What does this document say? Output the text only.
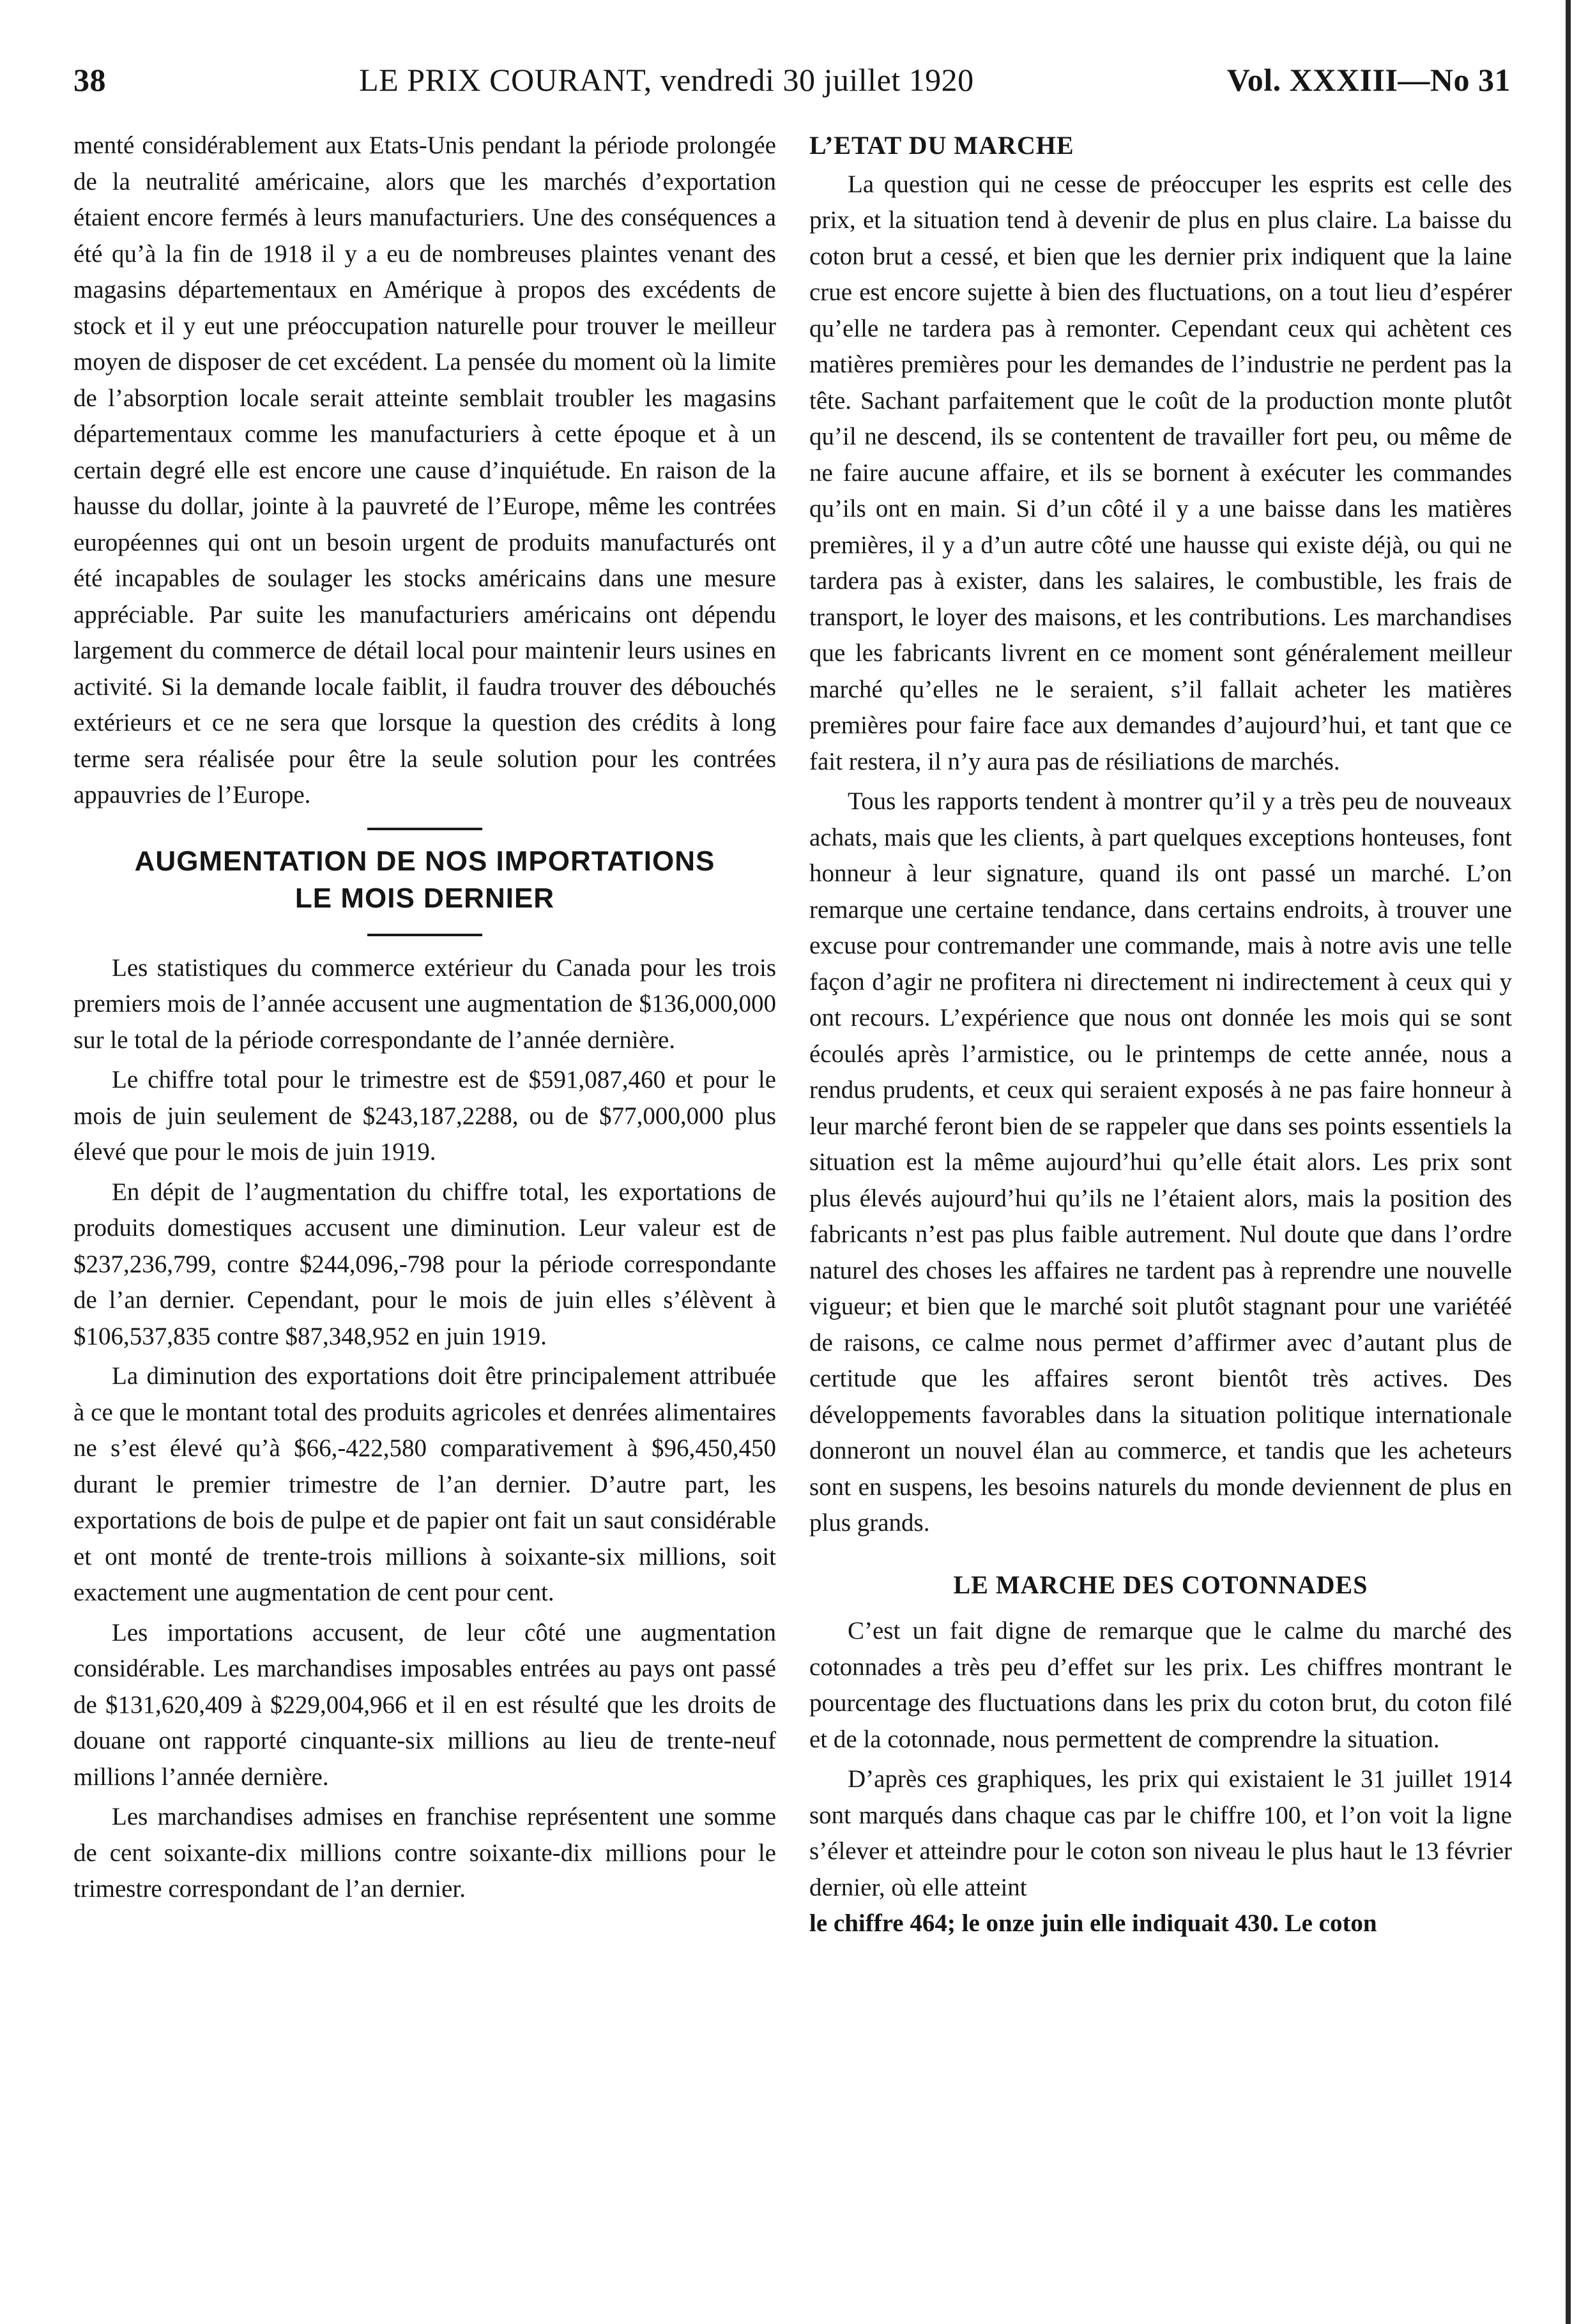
38	LE PRIX COURANT, vendredi 30 juillet 1920	Vol. XXXIII—No 31

menté considérablement aux Etats-Unis pendant la période prolongée de la neutralité américaine, alors que les marchés d’exportation étaient encore fermés à leurs manufacturiers. Une des conséquences a été qu’à la fin de 1918 il y a eu de nombreuses plaintes venant des magasins départementaux en Amérique à propos des excédents de stock et il y eut une préoccupation naturelle pour trouver le meilleur moyen de disposer de cet excédent. La pensée du moment où la limite de l’absorption locale serait atteinte semblait troubler les magasins départementaux comme les manufacturiers à cette époque et à un certain degré elle est encore une cause d’inquiétude. En raison de la hausse du dollar, jointe à la pauvreté de l’Europe, même les contrées européennes qui ont un besoin urgent de produits manufacturés ont été incapables de soulager les stocks américains dans une mesure appréciable. Par suite les manufacturiers américains ont dépendu largement du commerce de détail local pour maintenir leurs usines en activité. Si la demande locale faiblit, il faudra trouver des débouchés extérieurs et ce ne sera que lorsque la question des crédits à long terme sera réalisée pour être la seule solution pour les contrées appauvries de l’Europe.

AUGMENTATION DE NOS IMPORTATIONS
LE MOIS DERNIER

Les statistiques du commerce extérieur du Canada pour les trois premiers mois de l’année accusent une augmentation de $136,000,000 sur le total de la période correspondante de l’année dernière.

Le chiffre total pour le trimestre est de $591,087,460 et pour le mois de juin seulement de $243,187,2288, ou de $77,000,000 plus élevé que pour le mois de juin 1919.

En dépit de l’augmentation du chiffre total, les exportations de produits domestiques accusent une diminution. Leur valeur est de $237,236,799, contre $244,096,-798 pour la période correspondante de l’an dernier. Cependant, pour le mois de juin elles s’élèvent à $106,537,835 contre $87,348,952 en juin 1919.

La diminution des exportations doit être principalement attribuée à ce que le montant total des produits agricoles et denrées alimentaires ne s’est élevé qu’à $66,-422,580 comparativement à $96,450,450 durant le premier trimestre de l’an dernier. D’autre part, les exportations de bois de pulpe et de papier ont fait un saut considérable et ont monté de trente-trois millions à soixante-six millions, soit exactement une augmentation de cent pour cent.

Les importations accusent, de leur côté une augmentation considérable. Les marchandises imposables entrées au pays ont passé de $131,620,409 à $229,004,966 et il en est résulté que les droits de douane ont rapporté cinquante-six millions au lieu de trente-neuf millions l’année dernière.

Les marchandises admises en franchise représentent une somme de cent soixante-dix millions contre soixante-dix millions pour le trimestre correspondant de l’an dernier.

L’ETAT DU MARCHE

La question qui ne cesse de préoccuper les esprits est celle des prix, et la situation tend à devenir de plus en plus claire. La baisse du coton brut a cessé, et bien que les dernier prix indiquent que la laine crue est encore sujette à bien des fluctuations, on a tout lieu d’espérer qu’elle ne tardera pas à remonter. Cependant ceux qui achètent ces matières premières pour les demandes de l’industrie ne perdent pas la tête. Sachant parfaitement que le coût de la production monte plutôt qu’il ne descend, ils se contentent de travailler fort peu, ou même de ne faire aucune affaire, et ils se bornent à exécuter les commandes qu’ils ont en main. Si d’un côté il y a une baisse dans les matières premières, il y a d’un autre côté une hausse qui existe déjà, ou qui ne tardera pas à exister, dans les salaires, le combustible, les frais de transport, le loyer des maisons, et les contributions. Les marchandises que les fabricants livrent en ce moment sont généralement meilleur marché qu’elles ne le seraient, s’il fallait acheter les matières premières pour faire face aux demandes d’aujourd’hui, et tant que ce fait restera, il n’y aura pas de résiliations de marchés.

Tous les rapports tendent à montrer qu’il y a très peu de nouveaux achats, mais que les clients, à part quelques exceptions honteuses, font honneur à leur signature, quand ils ont passé un marché. L’on remarque une certaine tendance, dans certains endroits, à trouver une excuse pour contremander une commande, mais à notre avis une telle façon d’agir ne profitera ni directement ni indirectement à ceux qui y ont recours. L’expérience que nous ont donnée les mois qui se sont écoulés après l’armistice, ou le printemps de cette année, nous a rendus prudents, et ceux qui seraient exposés à ne pas faire honneur à leur marché feront bien de se rappeler que dans ses points essentiels la situation est la même aujourd’hui qu’elle était alors. Les prix sont plus élevés aujourd’hui qu’ils ne l’étaient alors, mais la position des fabricants n’est pas plus faible autrement. Nul doute que dans l’ordre naturel des choses les affaires ne tardent pas à reprendre une nouvelle vigueur; et bien que le marché soit plutôt stagnant pour une variétéé de raisons, ce calme nous permet d’affirmer avec d’autant plus de certitude que les affaires seront bientôt très actives. Des développements favorables dans la situation politique internationale donneront un nouvel élan au commerce, et tandis que les acheteurs sont en suspens, les besoins naturels du monde deviennent de plus en plus grands.

LE MARCHE DES COTONNADES

C’est un fait digne de remarque que le calme du marché des cotonnades a très peu d’effet sur les prix. Les chiffres montrant le pourcentage des fluctuations dans les prix du coton brut, du coton filé et de la cotonnade, nous permettent de comprendre la situation.

D’après ces graphiques, les prix qui existaient le 31 juillet 1914 sont marqués dans chaque cas par le chiffre 100, et l’on voit la ligne s’élever et atteindre pour le coton son niveau le plus haut le 13 février dernier, où elle atteint

le chiffre 464; le onze juin elle indiquait 430. Le coton
